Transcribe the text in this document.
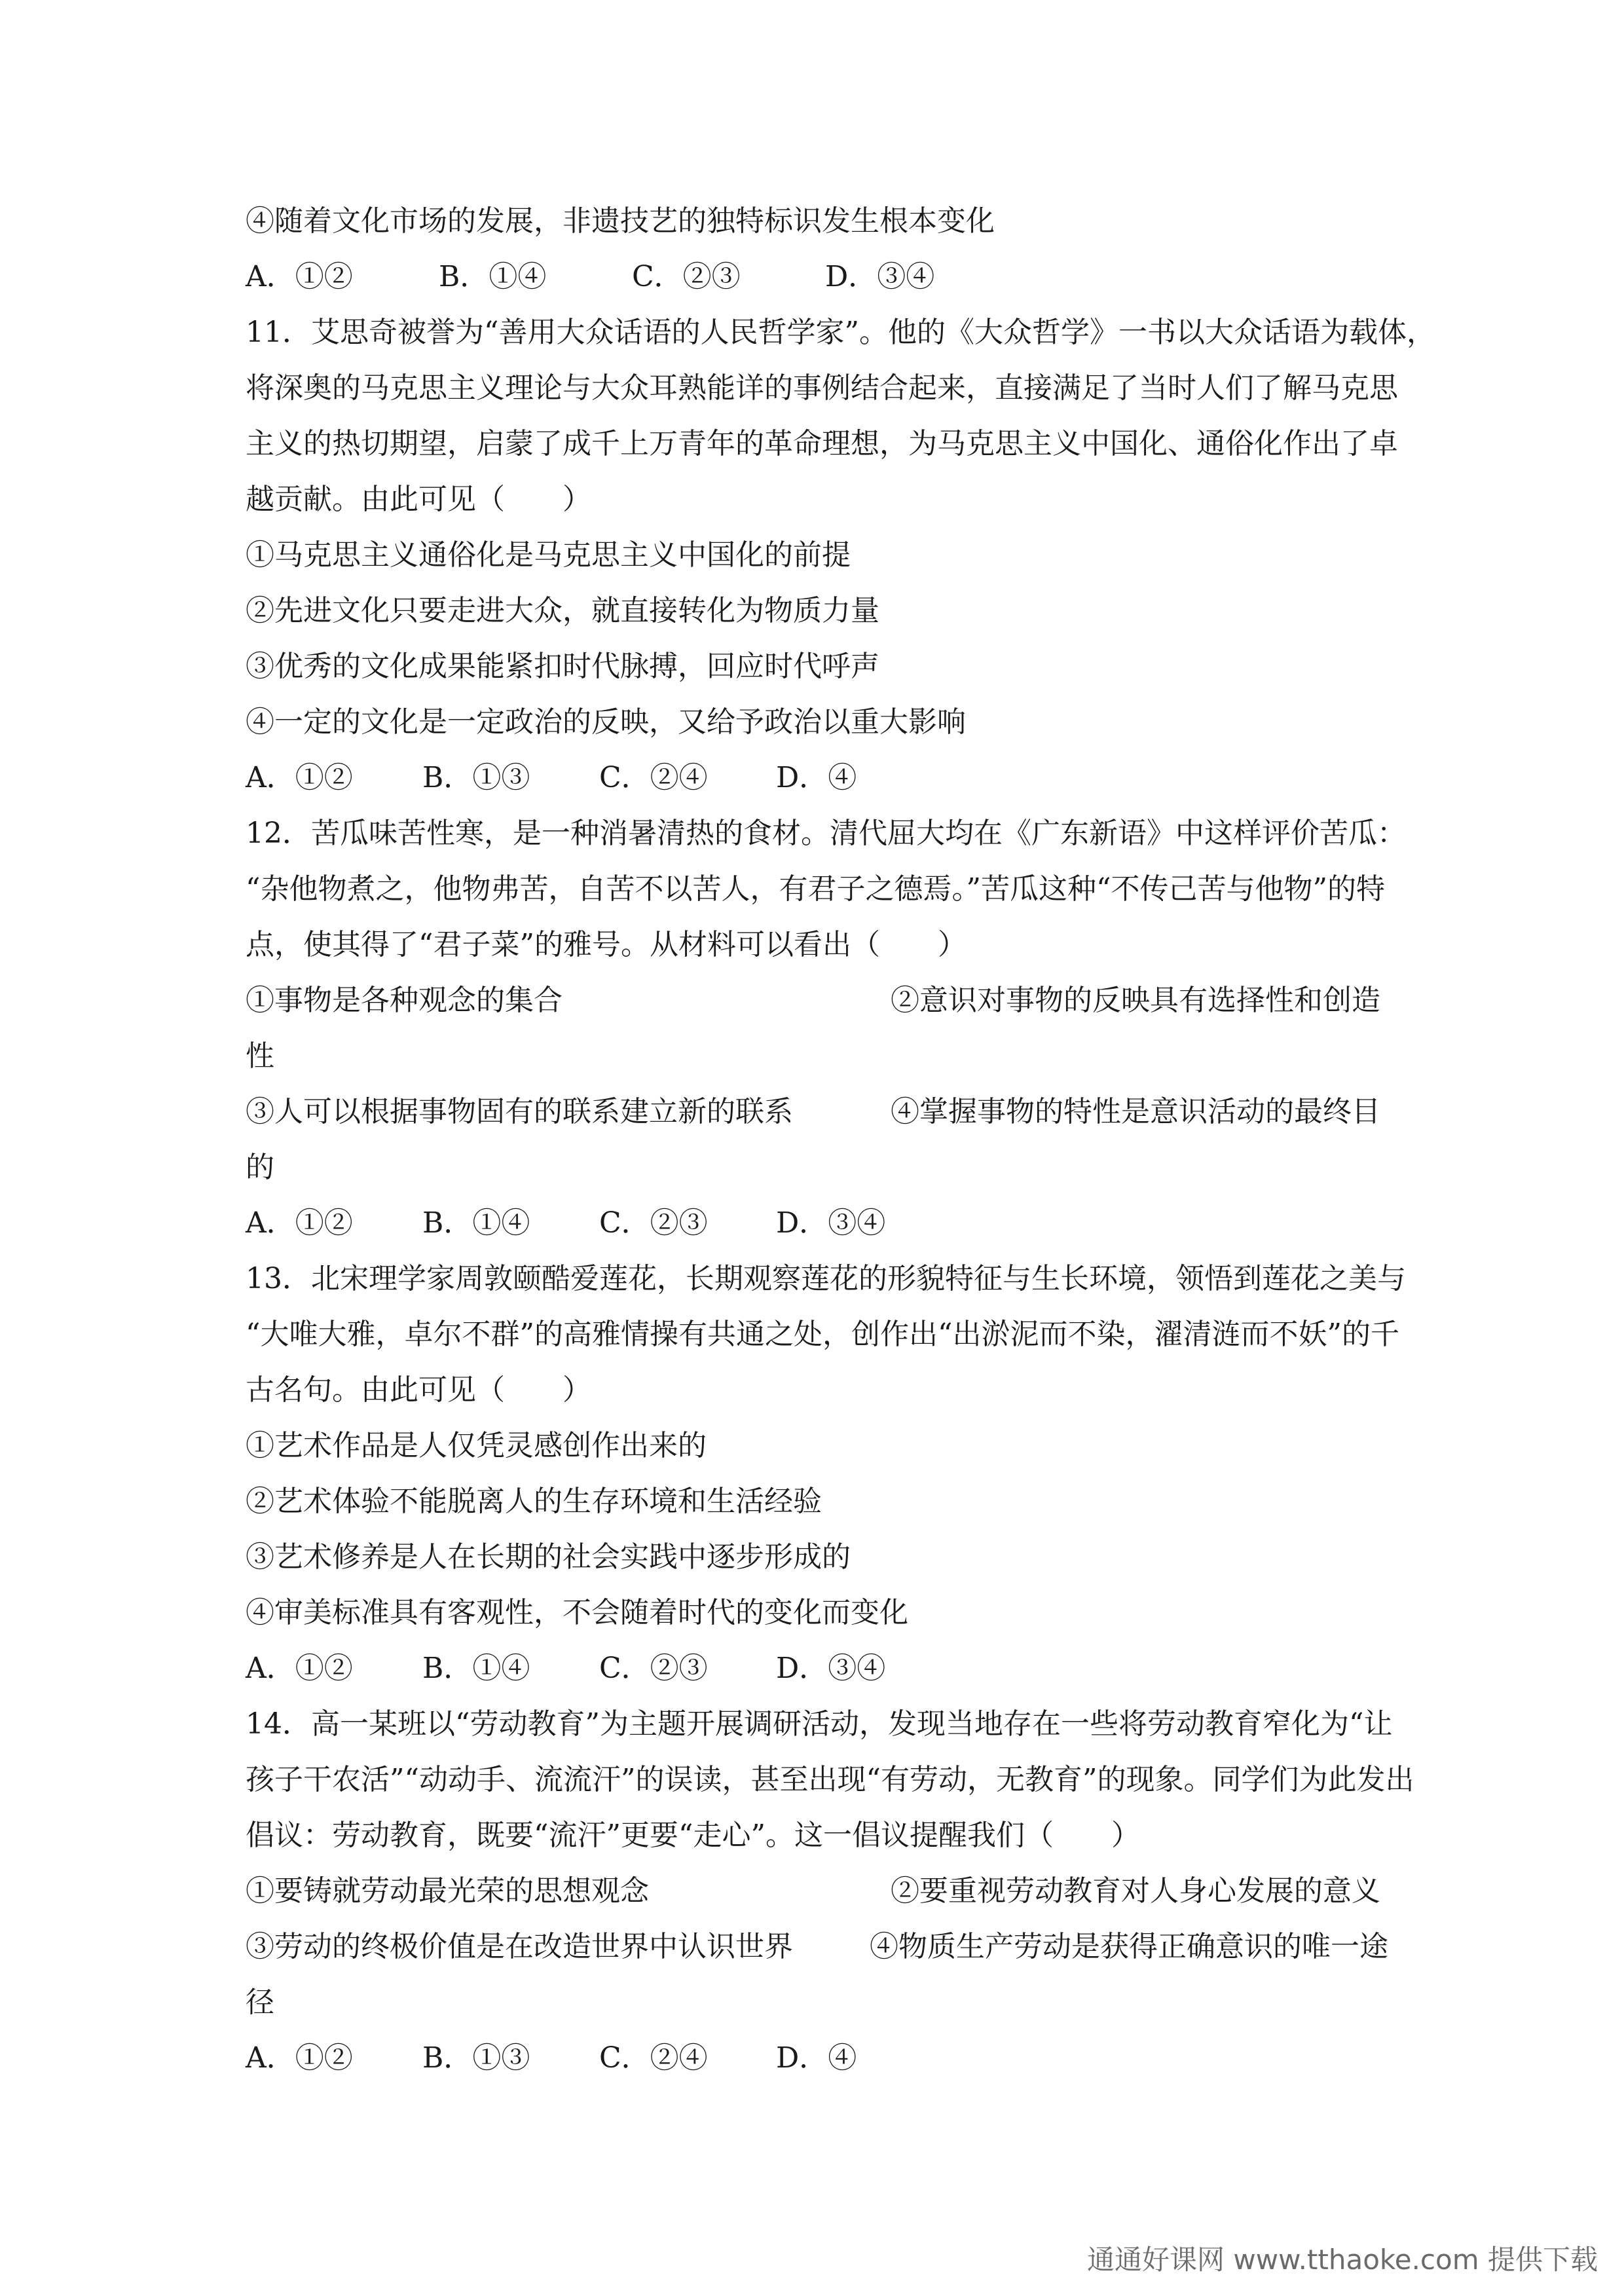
④随着文化市场的发展，非遗技艺的独特标识发生根本变化
A．①②	B．①④	C．②③	D．③④
11．艾思奇被誉为“善用大众话语的人民哲学家”。他的《大众哲学》一书以大众话语为载体，
将深奥的马克思主义理论与大众耳熟能详的事例结合起来，直接满足了当时人们了解马克思
主义的热切期望，启蒙了成千上万青年的革命理想，为马克思主义中国化、通俗化作出了卓
越贡献。由此可见（　　）
①马克思主义通俗化是马克思主义中国化的前提
②先进文化只要走进大众，就直接转化为物质力量
③优秀的文化成果能紧扣时代脉搏，回应时代呼声
④一定的文化是一定政治的反映，又给予政治以重大影响
A．①②	B．①③	C．②④	D．④
12．苦瓜味苦性寒，是一种消暑清热的食材。清代屈大均在《广东新语》中这样评价苦瓜：
“杂他物煮之，他物弗苦，自苦不以苦人，有君子之德焉。”苦瓜这种“不传己苦与他物”的特
点，使其得了“君子菜”的雅号。从材料可以看出（　　）
①事物是各种观念的集合	②意识对事物的反映具有选择性和创造
性
③人可以根据事物固有的联系建立新的联系	④掌握事物的特性是意识活动的最终目
的
A．①②	B．①④	C．②③	D．③④
13．北宋理学家周敦颐酷爱莲花，长期观察莲花的形貌特征与生长环境，领悟到莲花之美与
“大唯大雅，卓尔不群”的高雅情操有共通之处，创作出“出淤泥而不染，濯清涟而不妖”的千
古名句。由此可见（　　）
①艺术作品是人仅凭灵感创作出来的
②艺术体验不能脱离人的生存环境和生活经验
③艺术修养是人在长期的社会实践中逐步形成的
④审美标准具有客观性，不会随着时代的变化而变化
A．①②	B．①④	C．②③	D．③④
14．高一某班以“劳动教育”为主题开展调研活动，发现当地存在一些将劳动教育窄化为“让
孩子干农活”“动动手、流流汗”的误读，甚至出现“有劳动，无教育”的现象。同学们为此发出
倡议：劳动教育，既要“流汗”更要“走心”。这一倡议提醒我们（　　）
①要铸就劳动最光荣的思想观念	②要重视劳动教育对人身心发展的意义
③劳动的终极价值是在改造世界中认识世界	④物质生产劳动是获得正确意识的唯一途
径
A．①②	B．①③	C．②④	D．④
通通好课网 www.tthaoke.com 提供下载
